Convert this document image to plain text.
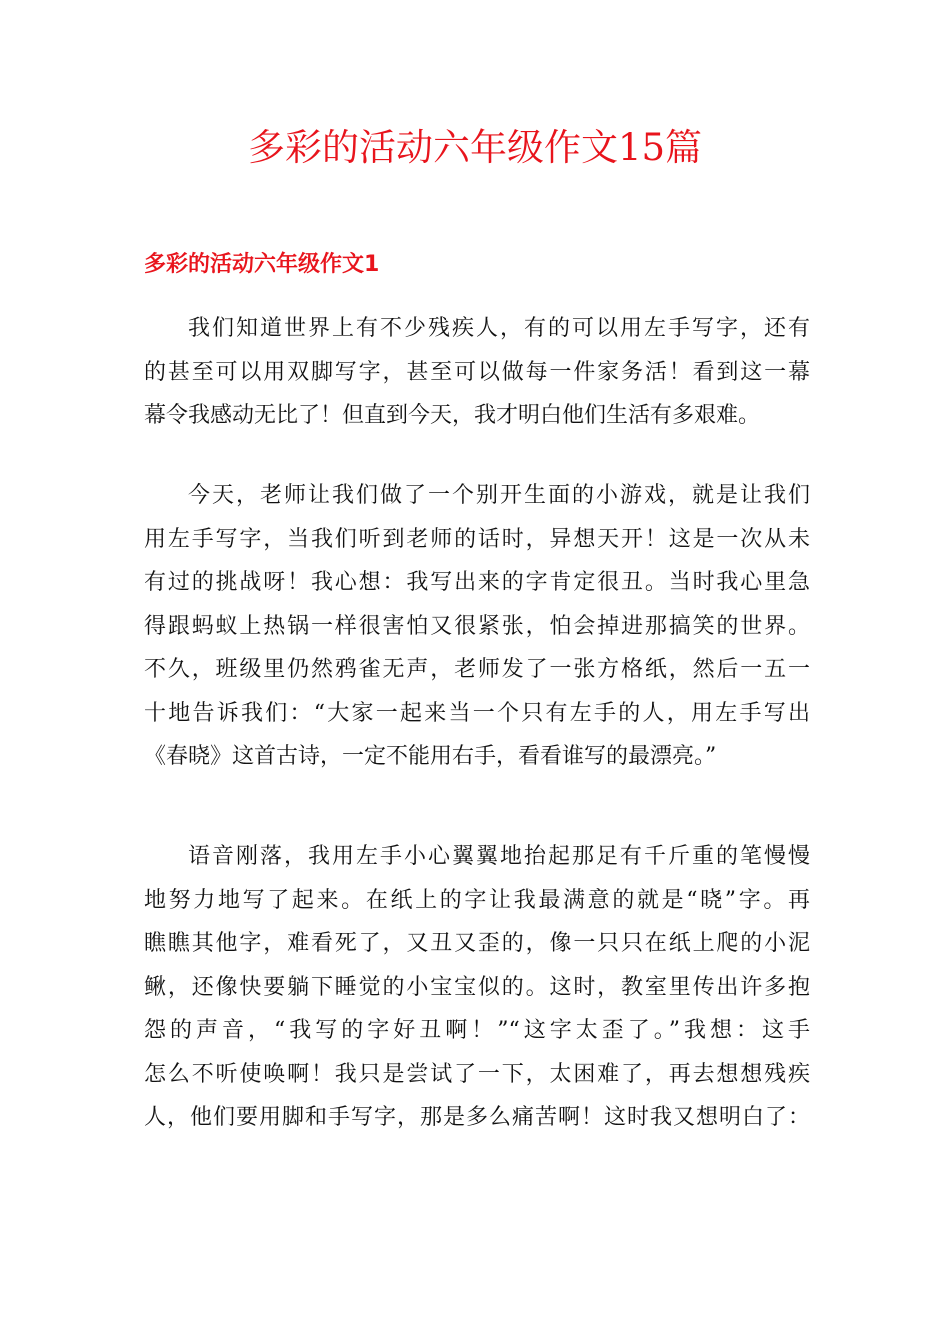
多彩的活动六年级作文15篇
多彩的活动六年级作文1

我们知道世界上有不少残疾人，有的可以用左手写字，还有
的甚至可以用双脚写字，甚至可以做每一件家务活！看到这一幕
幕令我感动无比了！但直到今天，我才明白他们生活有多艰难。

今天，老师让我们做了一个别开生面的小游戏，就是让我们
用左手写字，当我们听到老师的话时，异想天开！这是一次从未
有过的挑战呀！我心想：我写出来的字肯定很丑。当时我心里急
得跟蚂蚁上热锅一样很害怕又很紧张，怕会掉进那搞笑的世界。
不久，班级里仍然鸦雀无声，老师发了一张方格纸，然后一五一
十地告诉我们：“大家一起来当一个只有左手的人，用左手写出
《春晓》这首古诗，一定不能用右手，看看谁写的最漂亮。”

语音刚落，我用左手小心翼翼地抬起那足有千斤重的笔慢慢
地努力地写了起来。在纸上的字让我最满意的就是“晓”字。再
瞧瞧其他字，难看死了，又丑又歪的，像一只只在纸上爬的小泥
鳅，还像快要躺下睡觉的小宝宝似的。这时，教室里传出许多抱
怨的声音，“我写的字好丑啊！”“这字太歪了。”我想：这手
怎么不听使唤啊！我只是尝试了一下，太困难了，再去想想残疾
人，他们要用脚和手写字，那是多么痛苦啊！这时我又想明白了：
